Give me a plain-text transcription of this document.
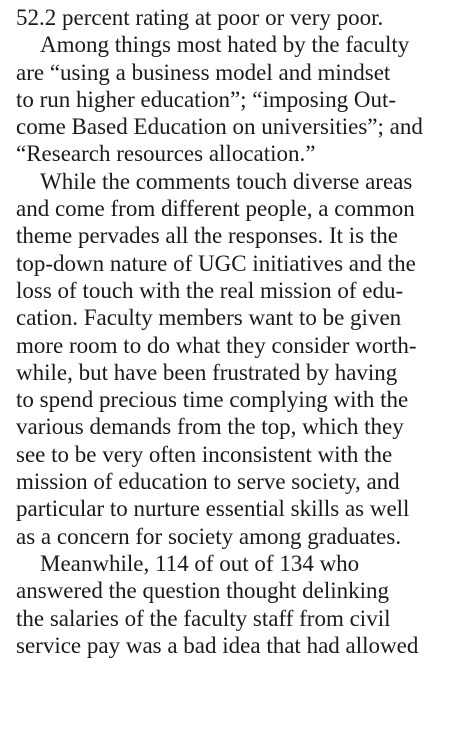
52.2 percent rating at poor or very poor.

Among things most hated by the faculty
are “using a business model and mindset
to run higher education”; “imposing Out-
come Based Education on universities”; and
“Research resources allocation.”

While the comments touch diverse areas
and come from different people, a common
theme pervades all the responses. It is the
top-down nature of UGC initiatives and the
loss of touch with the real mission of edu-
cation. Faculty members want to be given
more room to do what they consider worth-
while, but have been frustrated by having
to spend precious time complying with the
various demands from the top, which they
see to be very often inconsistent with the
mission of education to serve society, and
particular to nurture essential skills as well
as a concern for society among graduates.

Meanwhile, 114 of out of 134 who
answered the question thought delinking
the salaries of the faculty staff from civil
service pay was a bad idea that had allowed
